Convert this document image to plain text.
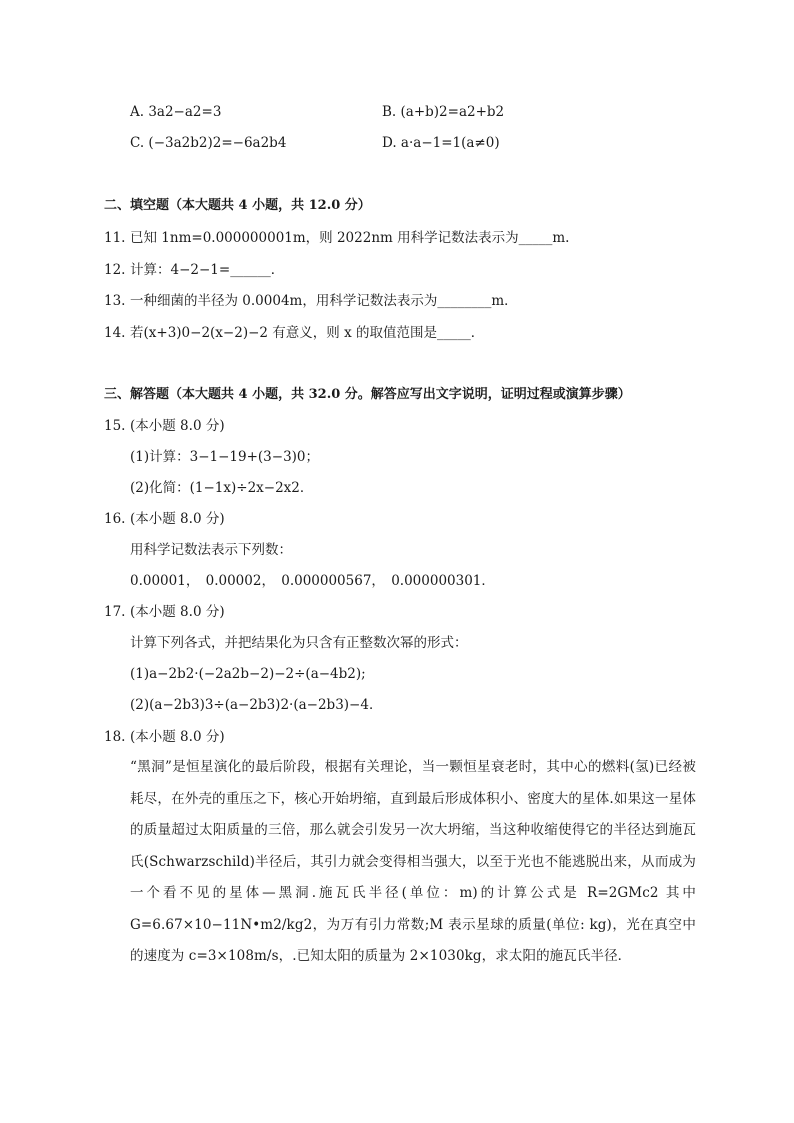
A. 3a2−a2=3	B. (a+b)2=a2+b2
C. (−3a2b2)2=−6a2b4	D. a·a−1=1(a≠0)
二、填空题（本大题共 4 小题，共 12.0 分）
11. 已知 1nm=0.000000001m，则 2022nm 用科学记数法表示为_____m.
12. 计算：4−2−1=______．
13. 一种细菌的半径为 0.0004m，用科学记数法表示为________m．
14. 若(x+3)0−2(x−2)−2 有意义，则 x 的取值范围是_____．
三、解答题（本大题共 4 小题，共 32.0 分。解答应写出文字说明，证明过程或演算步骤）
15. (本小题 8.0 分)
(1)计算：3−1−19+(3−3)0；
(2)化简：(1−1x)÷2x−2x2．
16. (本小题 8.0 分)
用科学记数法表示下列数：
0.00001， 0.00002， 0.000000567， 0.000000301．
17. (本小题 8.0 分)
计算下列各式，并把结果化为只含有正整数次幂的形式：
(1)a−2b2·(−2a2b−2)−2÷(a−4b2);
(2)(a−2b3)3÷(a−2b3)2·(a−2b3)−4．
18. (本小题 8.0 分)
“黑洞”是恒星演化的最后阶段，根据有关理论，当一颗恒星衰老时，其中心的燃料(氢)已经被耗尽，在外壳的重压之下，核心开始坍缩，直到最后形成体积小、密度大的星体.如果这一星体的质量超过太阳质量的三倍，那么就会引发另一次大坍缩，当这种收缩使得它的半径达到施瓦氏(Schwarzschild)半径后，其引力就会变得相当强大，以至于光也不能逃脱出来，从而成为一个看不见的星体—黑洞.施瓦氏半径(单位：m)的计算公式是 R=2GMc2 其中G=6.67×10−11N•m2/kg2，为万有引力常数;M 表示星球的质量(单位: kg)，光在真空中的速度为 c=3×108m/s，.已知太阳的质量为 2×1030kg，求太阳的施瓦氏半径．
